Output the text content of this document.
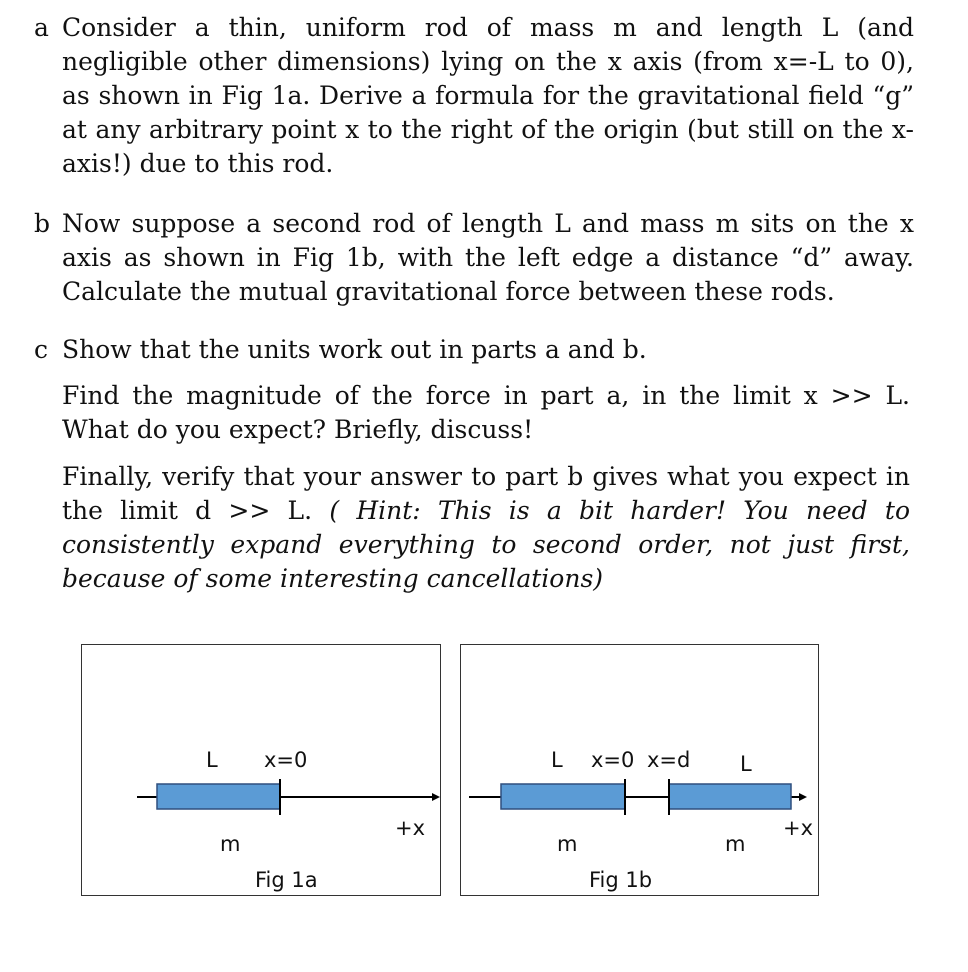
a Consider a thin, uniform rod of mass m and length L (and negligible other dimensions) lying on the x axis (from x=-L to 0), as shown in Fig 1a. Derive a formula for the gravitational field “g” at any arbitrary point x to the right of the origin (but still on the x-axis!) due to this rod.
b Now suppose a second rod of length L and mass m sits on the x axis as shown in Fig 1b, with the left edge a distance “d” away. Calculate the mutual gravitational force between these rods.
c Show that the units work out in parts a and b.
Find the magnitude of the force in part a, in the limit x >> L. What do you expect? Briefly, discuss!
Finally, verify that your answer to part b gives what you expect in the limit d >> L. ( Hint: This is a bit harder! You need to consistently expand everything to second order, not just first, because of some interesting cancellations)
L x=0
m
+x
Fig 1a
L x=0 x=d L
m	m
+x
Fig 1b
